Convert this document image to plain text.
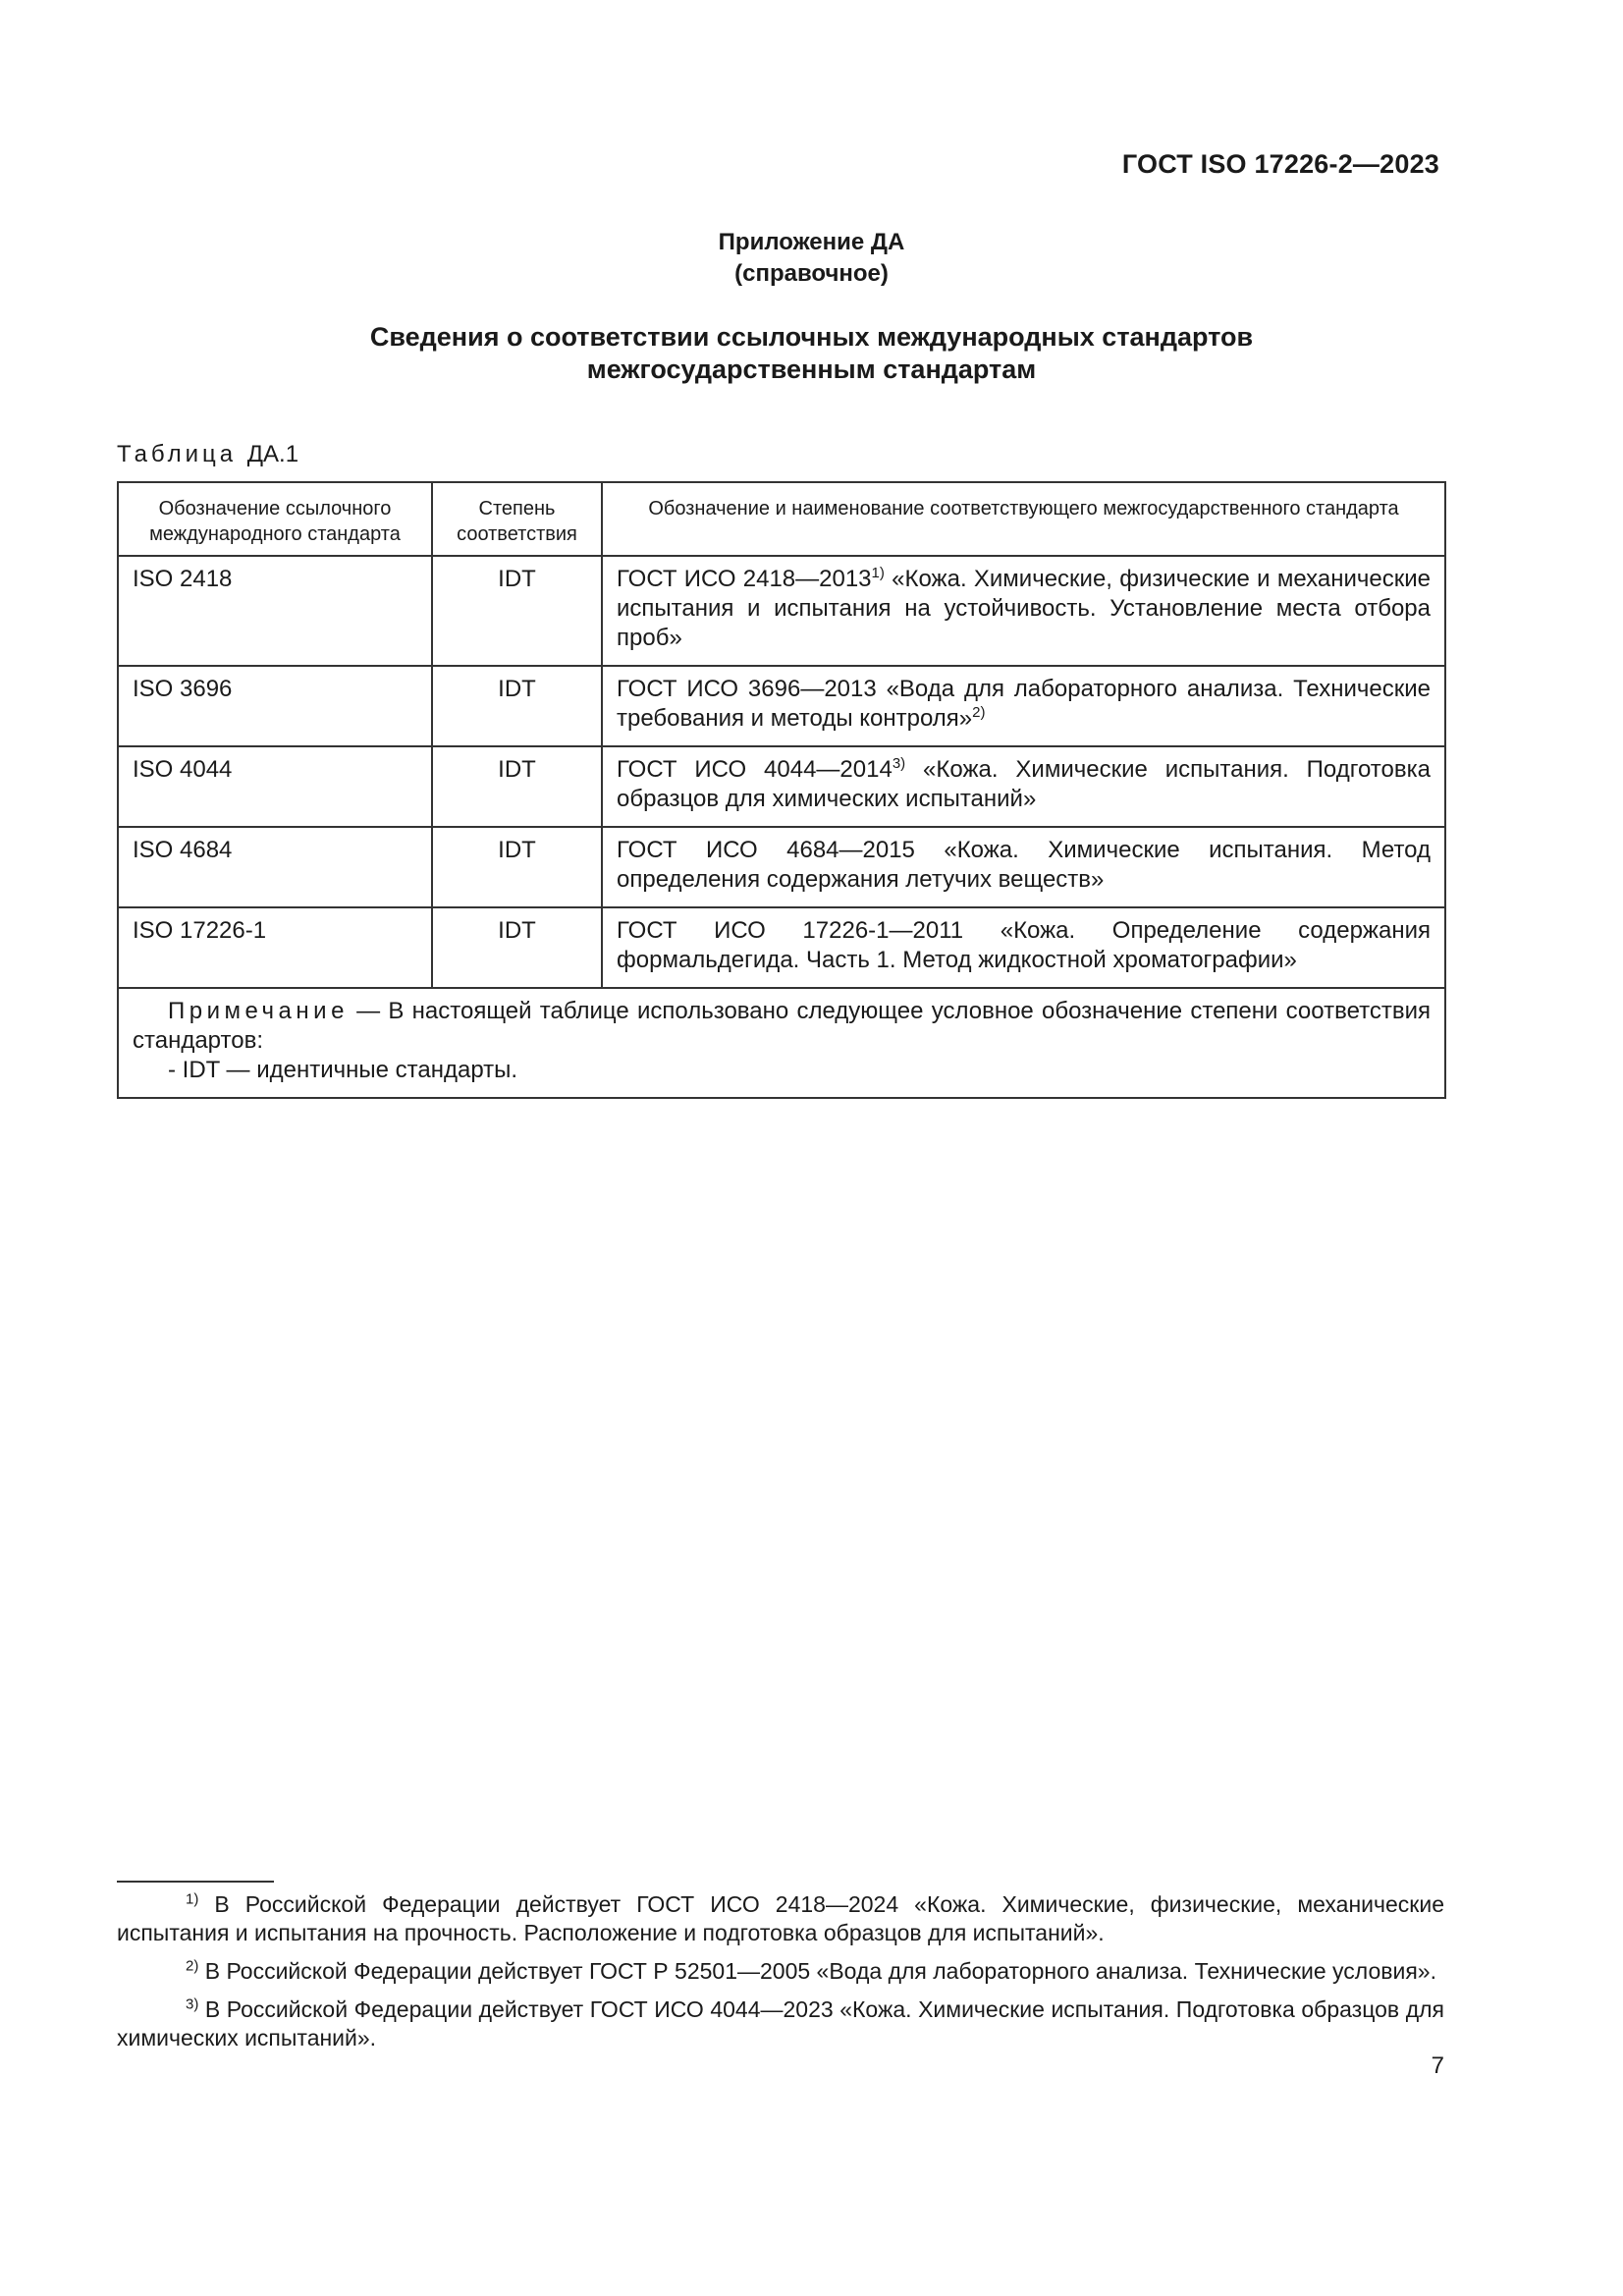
ГОСТ ISO 17226-2—2023
Приложение ДА
(справочное)
Сведения о соответствии ссылочных международных стандартов
межгосударственным стандартам
Таблица ДА.1
Обозначение ссылочного международного стандарта	Степень соответствия	Обозначение и наименование соответствующего межгосударственного стандарта
ISO 2418	IDT	ГОСТ ИСО 2418—2013$^{1)}$ «Кожа. Химические, физические и механические испытания и испытания на устойчивость. Установление места отбора проб»
ISO 3696	IDT	ГОСТ ИСО 3696—2013 «Вода для лабораторного анализа. Технические требования и методы контроля»$^{2)}$
ISO 4044	IDT	ГОСТ ИСО 4044—2014$^{3)}$ «Кожа. Химические испытания. Подготовка образцов для химических испытаний»
ISO 4684	IDT	ГОСТ ИСО 4684—2015 «Кожа. Химические испытания. Метод определения содержания летучих веществ»
ISO 17226-1	IDT	ГОСТ ИСО 17226-1—2011 «Кожа. Определение содержания формальдегида. Часть 1. Метод жидкостной хроматографии»

Примечание — В настоящей таблице использовано следующее условное обозначение степени соответствия стандартов:
- IDT — идентичные стандарты.		
$^{1)}$ В Российской Федерации действует ГОСТ ИСО 2418—2024 «Кожа. Химические, физические, механические испытания и испытания на прочность. Расположение и подготовка образцов для испытаний».
$^{2)}$ В Российской Федерации действует ГОСТ Р 52501—2005 «Вода для лабораторного анализа. Технические условия».
$^{3)}$ В Российской Федерации действует ГОСТ ИСО 4044—2023 «Кожа. Химические испытания. Подготовка образцов для химических испытаний».
7
